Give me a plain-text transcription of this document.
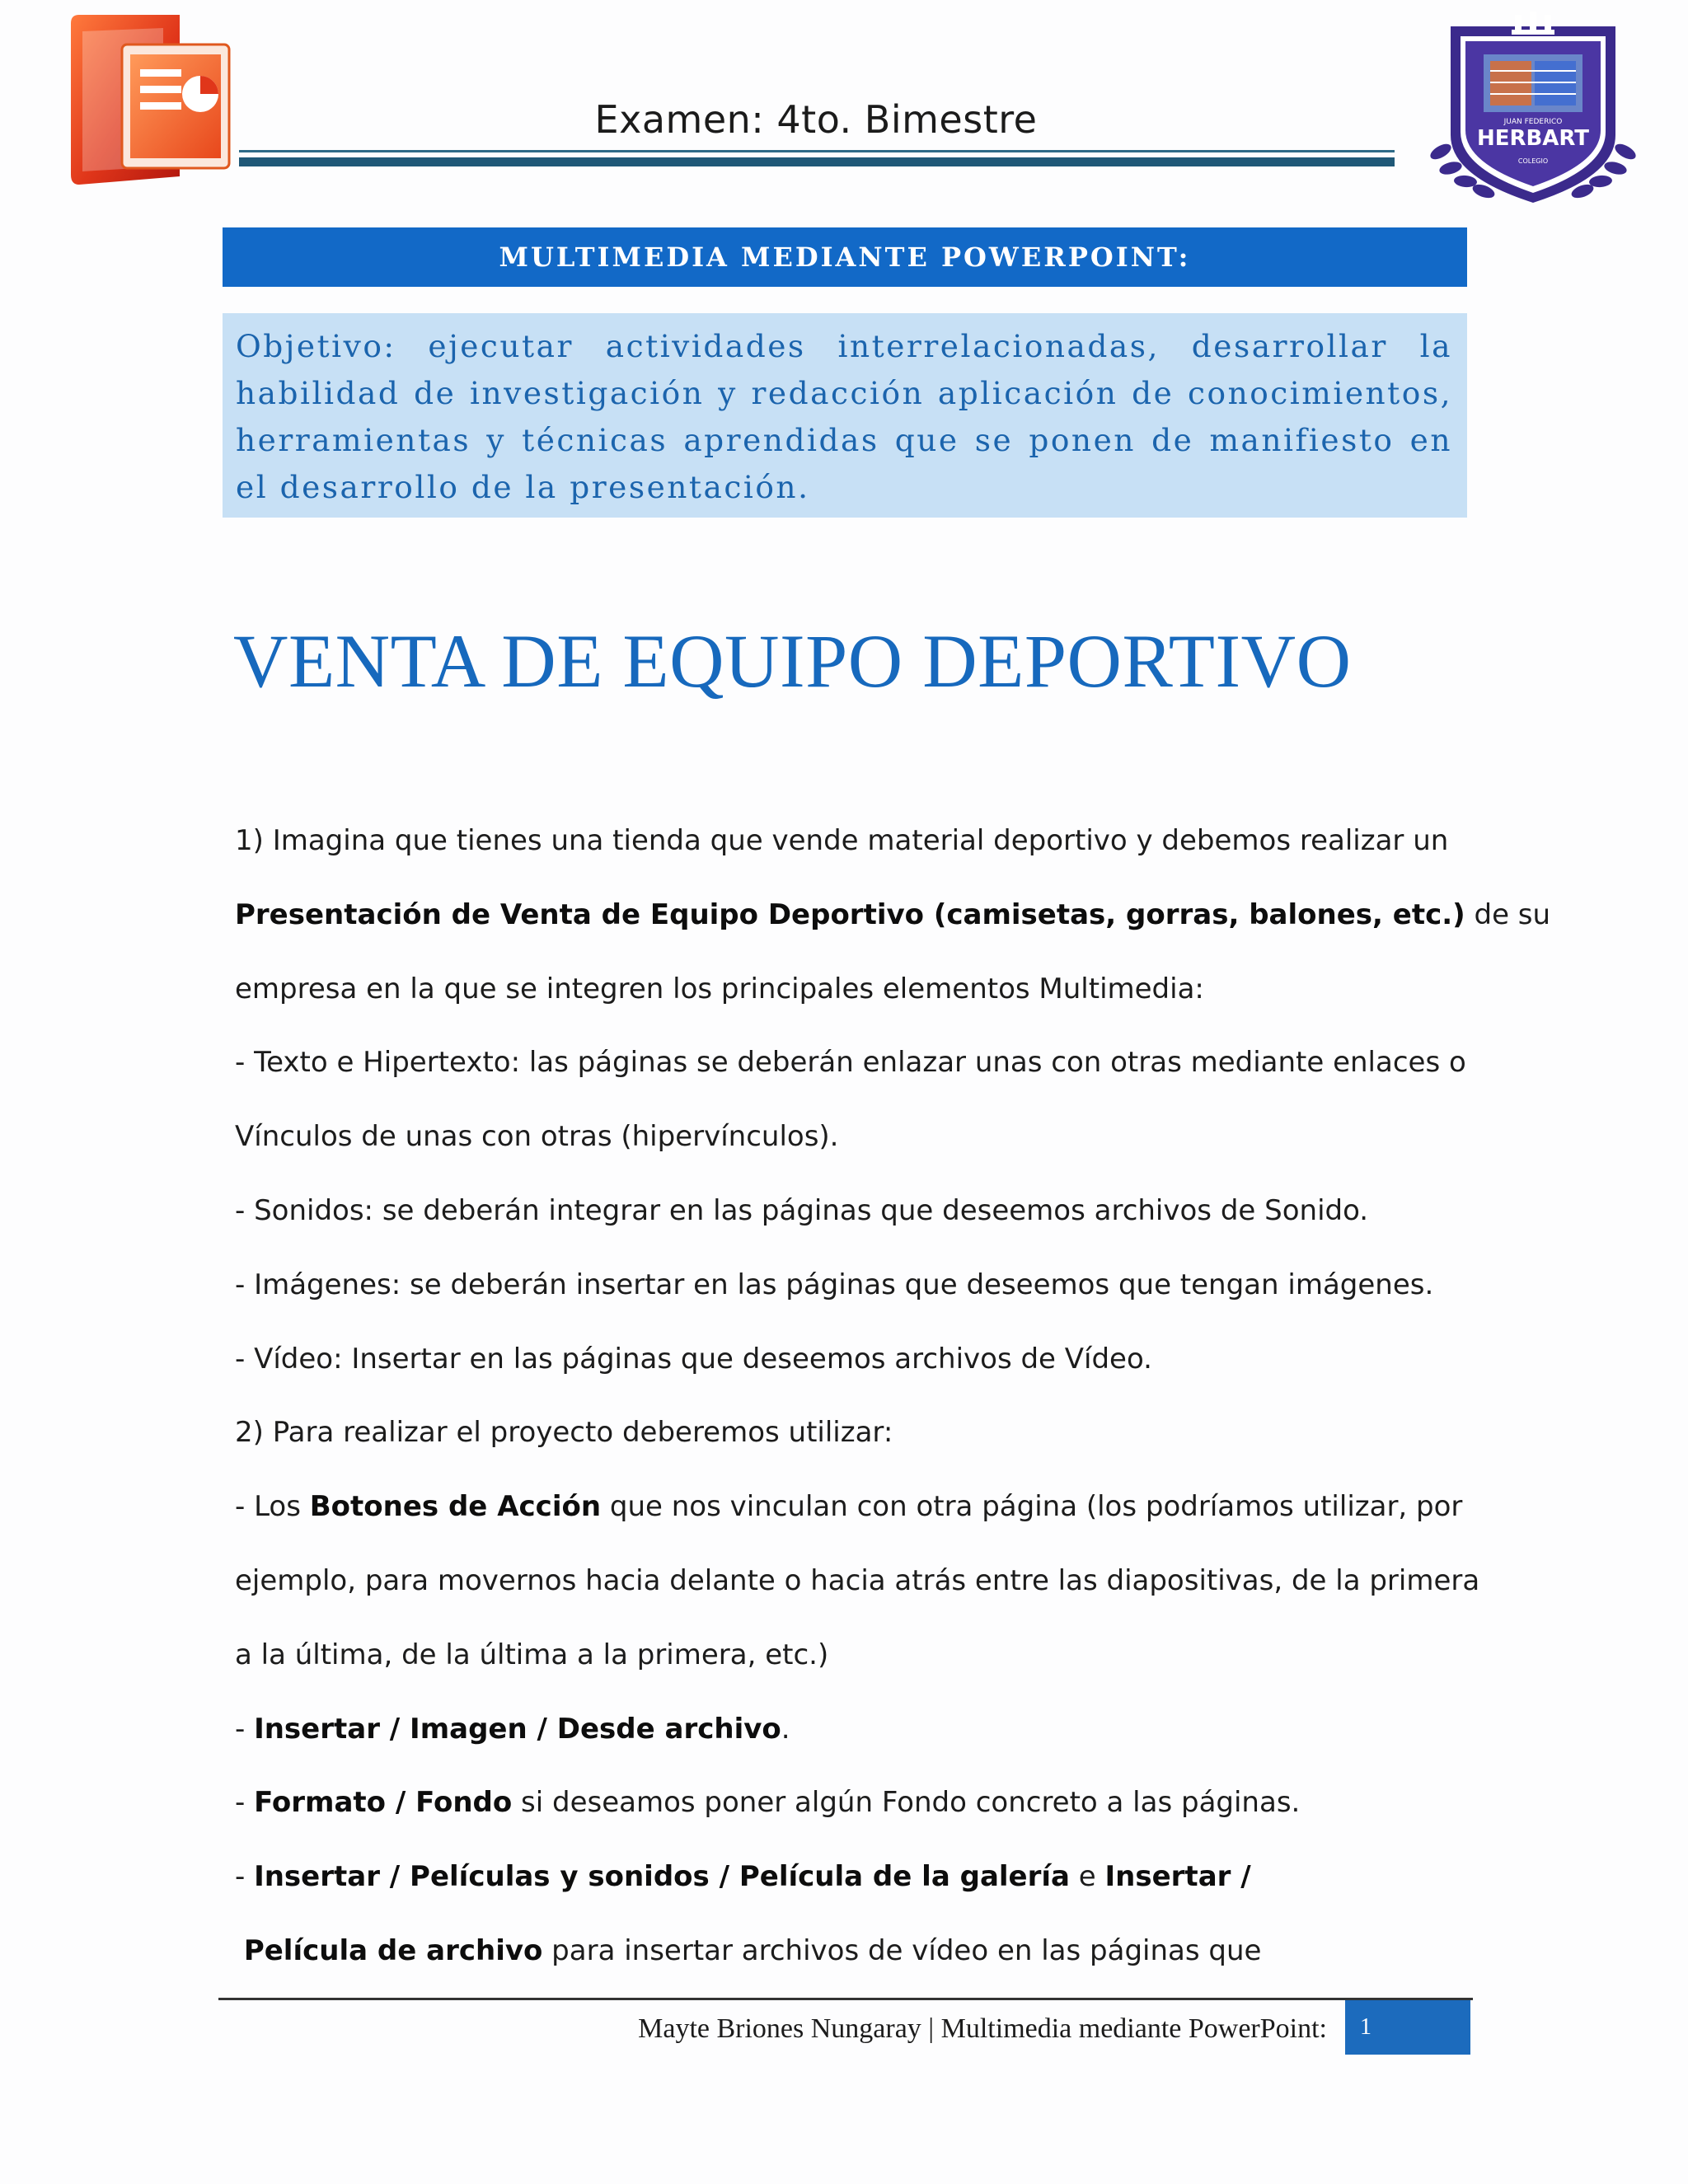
Examen: 4to. Bimestre	JUAN FEDERICO
HERBART
COLEGIO
MULTIMEDIA MEDIANTE POWERPOINT:
Objetivo: ejecutar actividades interrelacionadas, desarrollar la habilidad de investigación y redacción aplicación de conocimientos, herramientas y técnicas aprendidas que se ponen de manifiesto en el desarrollo de la presentación.
VENTA DE EQUIPO DEPORTIVO
1) Imagina que tienes una tienda que vende material deportivo y debemos realizar un
Presentación de Venta de Equipo Deportivo (camisetas, gorras, balones, etc.) de su
empresa en la que se integren los principales elementos Multimedia:
- Texto e Hipertexto: las páginas se deberán enlazar unas con otras mediante enlaces o
Vínculos de unas con otras (hipervínculos).
- Sonidos: se deberán integrar en las páginas que deseemos archivos de Sonido.
- Imágenes: se deberán insertar en las páginas que deseemos que tengan imágenes.
- Vídeo: Insertar en las páginas que deseemos archivos de Vídeo.
2) Para realizar el proyecto deberemos utilizar:
- Los Botones de Acción que nos vinculan con otra página (los podríamos utilizar, por
ejemplo, para movernos hacia delante o hacia atrás entre las diapositivas, de la primera
a la última, de la última a la primera, etc.)
- Insertar / Imagen / Desde archivo.
- Formato / Fondo si deseamos poner algún Fondo concreto a las páginas.
- Insertar / Películas y sonidos / Película de la galería e Insertar /
Película de archivo para insertar archivos de vídeo en las páginas que
Mayte Briones Nungaray | Multimedia mediante PowerPoint:	1
